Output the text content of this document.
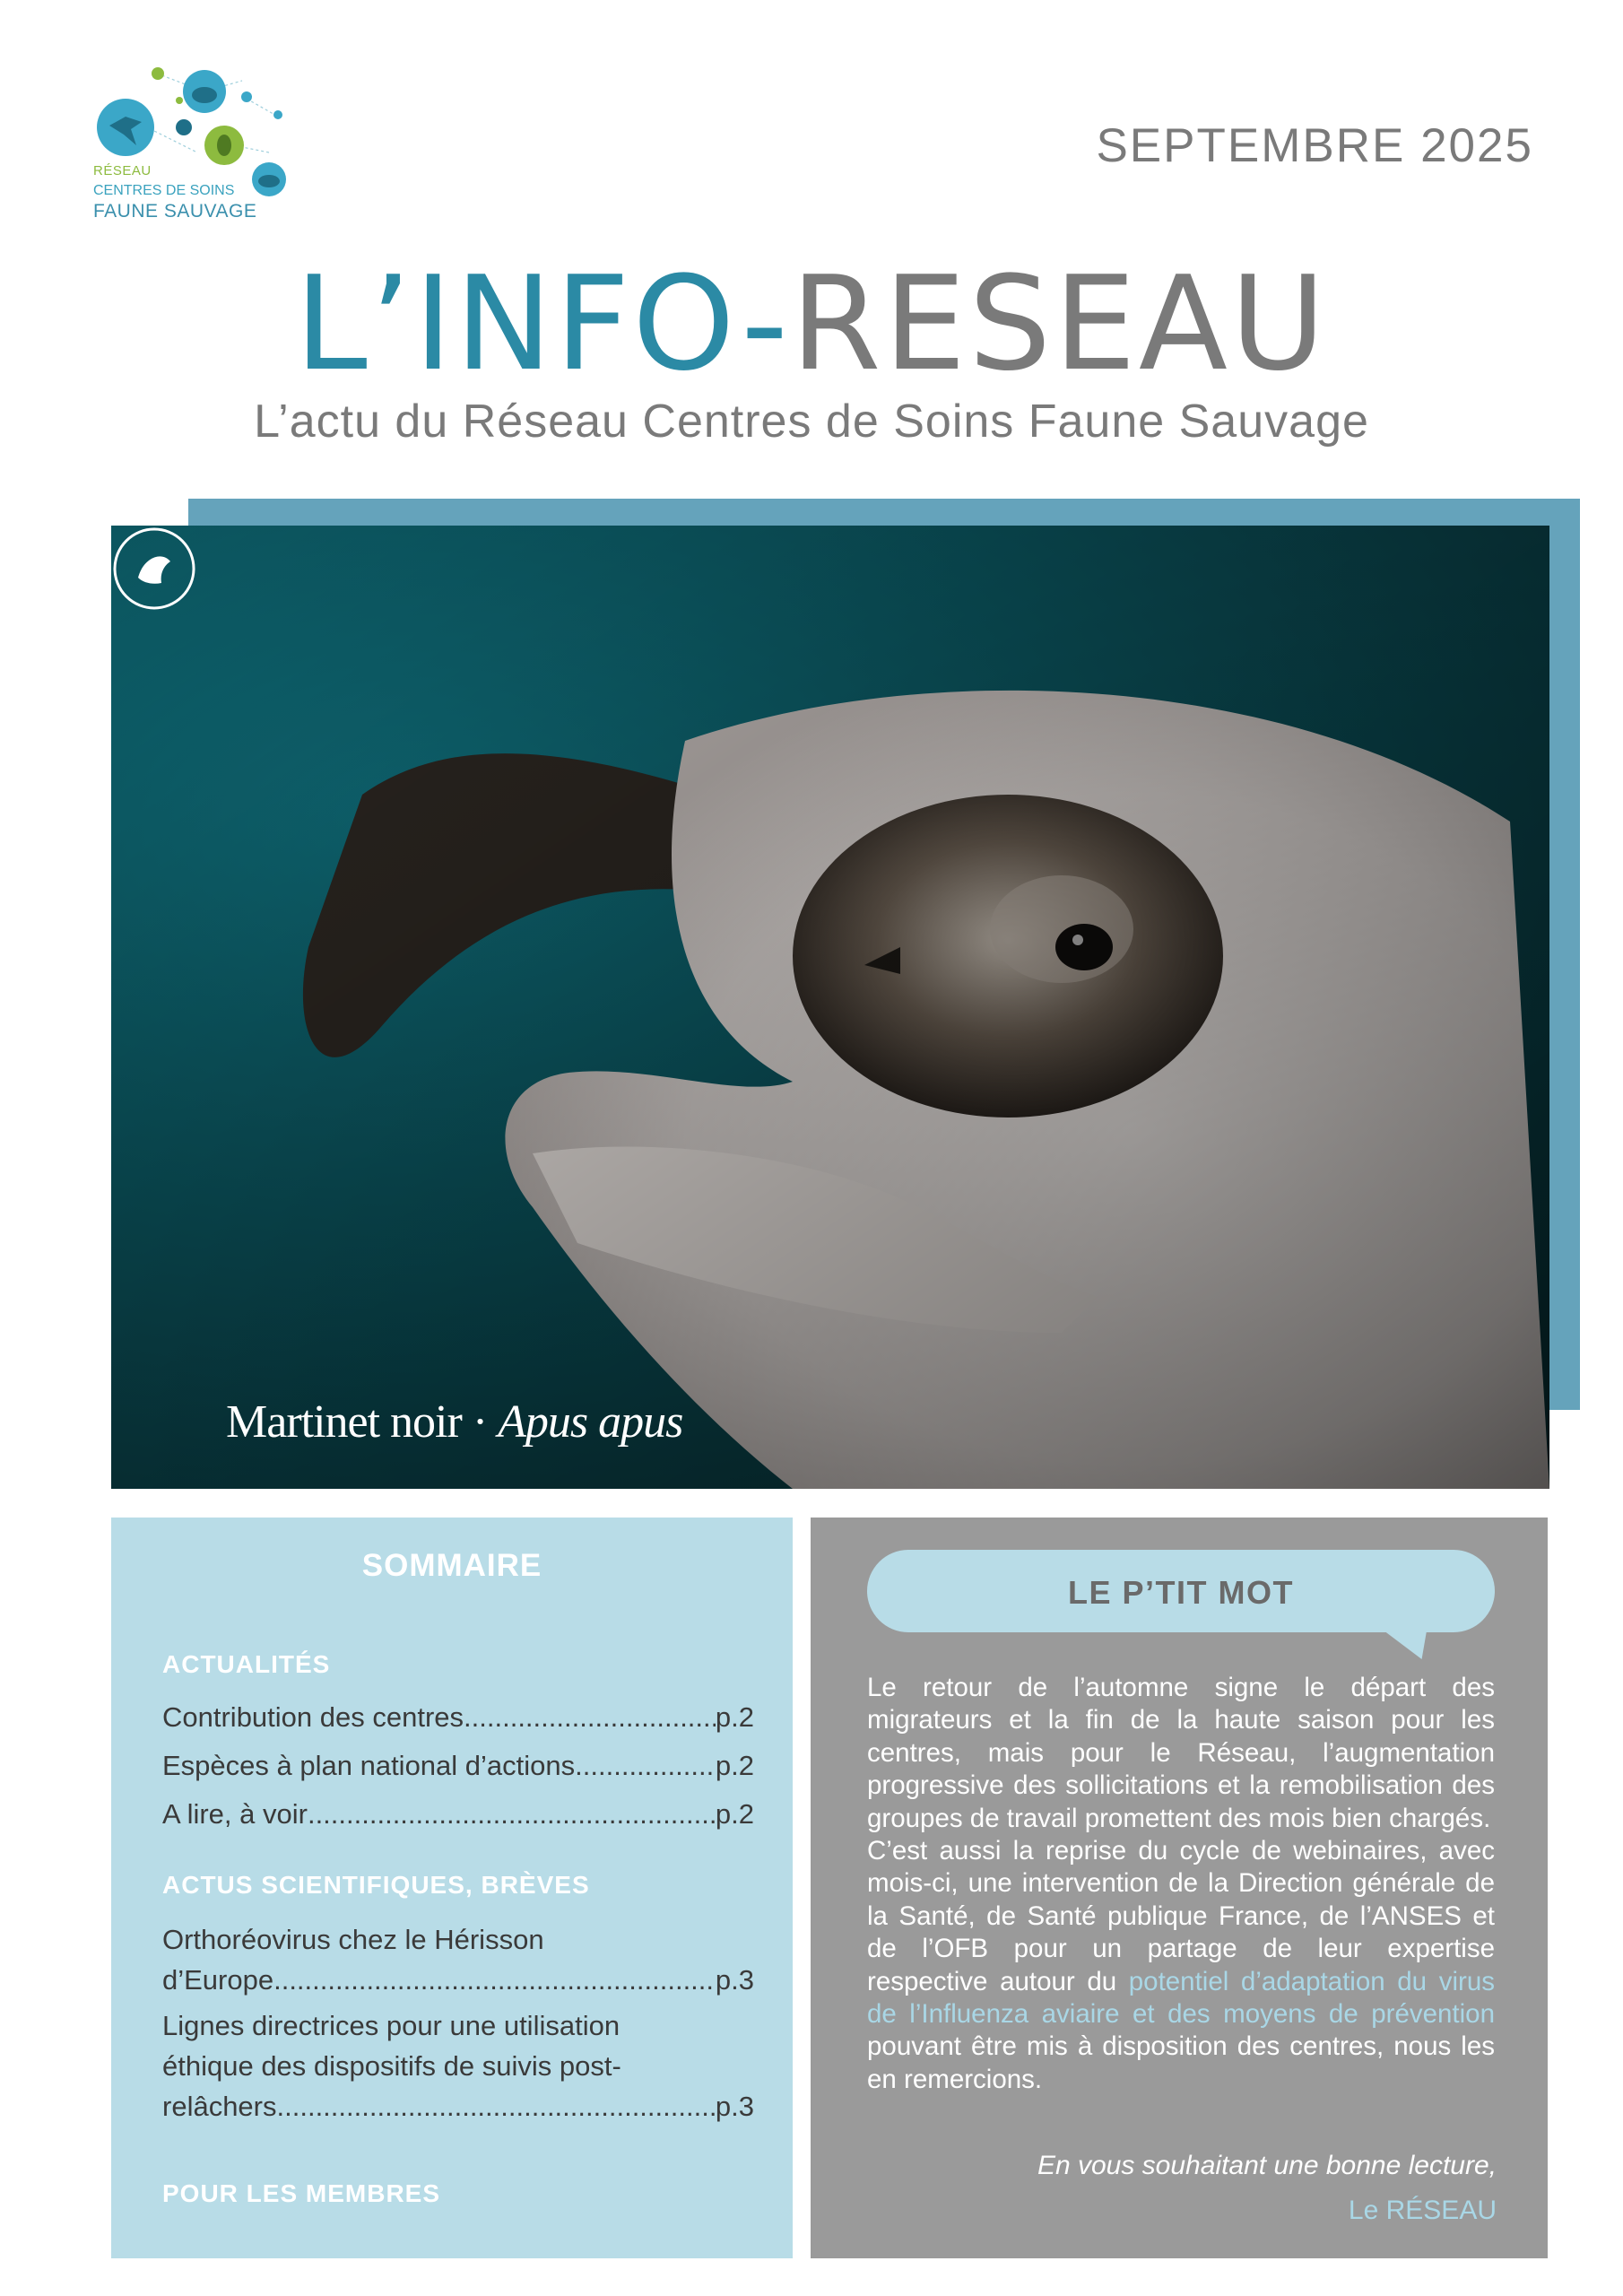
RÉSEAU
CENTRES DE SOINS
FAUNE SAUVAGE
SEPTEMBRE 2025
L’INFO-RESEAU
L’actu du Réseau Centres de Soins Faune Sauvage
Martinet noir · Apus apus
SOMMAIRE
ACTUALITÉS
Contribution des centres .....	p.2
Espèces à plan national d’actions .....	p.2
A lire, à voir .....	p.2
ACTUS SCIENTIFIQUES, BRÈVES
Orthoréovirus chez le Hérisson
d’Europe .....	p.3
Lignes directrices pour une utilisation
éthique des dispositifs de suivis post-
relâchers .....	p.3
POUR LES MEMBRES
LE P’TIT MOT

Le retour de l’automne signe le départ des migrateurs et la fin de la haute saison pour les centres, mais pour le Réseau, l’augmentation progressive des sollicitations et la remobilisation des groupes de travail promettent des mois bien chargés.

C’est aussi la reprise du cycle de webinaires, avec mois-ci, une intervention de la Direction générale de la Santé, de Santé publique France, de l’ANSES et de l’OFB pour un partage de leur expertise respective autour du potentiel d’adaptation du virus de l’Influenza aviaire et des moyens de prévention pouvant être mis à disposition des centres, nous les en remercions.

En vous souhaitant une bonne lecture,
Le RÉSEAU
